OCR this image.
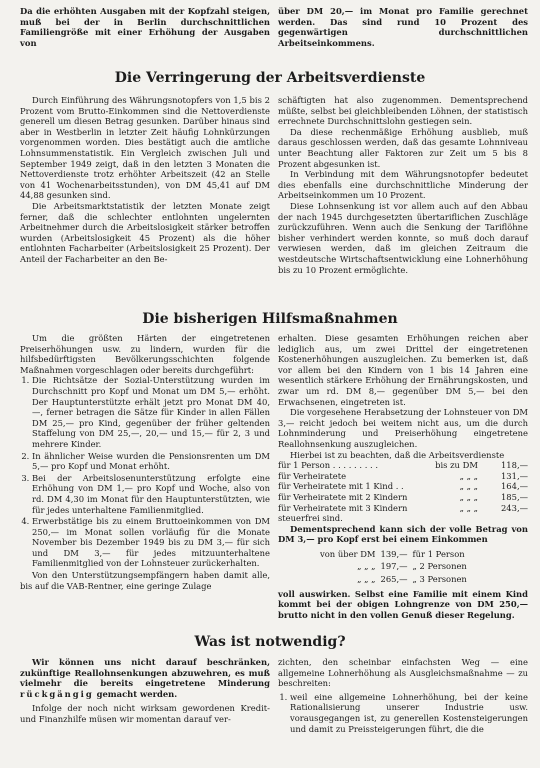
Da die erhöhten Ausgaben mit der Kopfzahl steigen, muß bei der in Berlin durchschnittlichen Familiengröße mit einer Erhöhung der Ausgaben von

über DM 20,— im Monat pro Familie gerechnet werden. Das sind rund 10 Prozent des gegenwärtigen durchschnittlichen Arbeitseinkommens.

Die Verringerung der Arbeitsverdienste

Durch Einführung des Währungsnotopfers von 1,5 bis 2 Prozent vom Brutto-Einkommen sind die Nettoverdienste generell um diesen Betrag gesunken. Darüber hinaus sind aber in Westberlin in letzter Zeit häufig Lohnkürzungen vorgenommen worden. Dies bestätigt auch die amtliche Lohnsummenstatistik. Ein Vergleich zwischen Juli und September 1949 zeigt, daß in den letzten 3 Monaten die Nettoverdienste trotz erhöhter Arbeitszeit (42 an Stelle von 41 Wochenarbeitsstunden), von DM 45,41 auf DM 44,88 gesunken sind.

Die Arbeitsmarktstatistik der letzten Monate zeigt ferner, daß die schlechter entlohnten ungelernten Arbeitnehmer durch die Arbeitslosigkeit stärker betroffen wurden (Arbeitslosigkeit 45 Prozent) als die höher entlohnten Facharbeiter (Arbeitslosigkeit 25 Prozent). Der Anteil der Facharbeiter an den Be-

schäftigten hat also zugenommen. Dementsprechend müßte, selbst bei gleichbleibenden Löhnen, der statistisch errechnete Durchschnittslohn gestiegen sein.

Da diese rechenmäßige Erhöhung ausblieb, muß daraus geschlossen werden, daß das gesamte Lohnniveau unter Beachtung aller Faktoren zur Zeit um 5 bis 8 Prozent abgesunken ist.

In Verbindung mit dem Währungsnotopfer bedeutet dies ebenfalls eine durchschnittliche Minderung der Arbeitseinkommen um 10 Prozent.

Diese Lohnsenkung ist vor allem auch auf den Abbau der nach 1945 durchgesetzten übertariflichen Zuschläge zurückzuführen. Wenn auch die Senkung der Tariflöhne bisher verhindert werden konnte, so muß doch darauf verwiesen werden, daß im gleichen Zeitraum die westdeutsche Wirtschaftsentwicklung eine Lohnerhöhung bis zu 10 Prozent ermöglichte.

Die bisherigen Hilfsmaßnahmen

Um die größten Härten der eingetretenen Preiserhöhungen usw. zu lindern, wurden für die hilfsbedürftigsten Bevölkerungsschichten folgende Maßnahmen vorgeschlagen oder bereits durchgeführt:

1. Die Richtsätze der Sozial-Unterstützung wurden im Durchschnitt pro Kopf und Monat um DM 5,— erhöht. Der Hauptunterstützte erhält jetzt pro Monat DM 40,—, ferner betragen die Sätze für Kinder in allen Fällen DM 25,— pro Kind, gegenüber der früher geltenden Staffelung von DM 25,—, 20,— und 15,— für 2, 3 und mehrere Kinder.
2. In ähnlicher Weise wurden die Pensionsrenten um DM 5,— pro Kopf und Monat erhöht.
3. Bei der Arbeitslosenunterstützung erfolgte eine Erhöhung von DM 1,— pro Kopf und Woche, also von rd. DM 4,30 im Monat für den Hauptunterstützten, wie für jedes unterhaltene Familienmitglied.
4. Erwerbstätige bis zu einem Bruttoeinkommen von DM 250,— im Monat sollen vorläufig für die Monate November bis Dezember 1949 bis zu DM 3,— für sich und DM 3,— für jedes mitzuunterhaltene Familienmitglied von der Lohnsteuer zurückerhalten.

Von den Unterstützungsempfängern haben damit alle, bis auf die VAB-Rentner, eine geringe Zulage

erhalten. Diese gesamten Erhöhungen reichen aber lediglich aus, um zwei Drittel der eingetretenen Kostenerhöhungen auszugleichen. Zu bemerken ist, daß vor allem bei den Kindern von 1 bis 14 Jahren eine wesentlich stärkere Erhöhung der Ernährungskosten, und zwar um rd. DM 8,— gegenüber DM 5,— bei den Erwachsenen, eingetreten ist.

Die vorgesehene Herabsetzung der Lohnsteuer von DM 3,— reicht jedoch bei weitem nicht aus, um die durch Lohnminderung und Preiserhöhung eingetretene Reallohnsenkung auszugleichen.

Hierbei ist zu beachten, daß die Arbeitsverdienste

für 1 Person . . . . . . . . .	bis zu DM	118,—
für Verheiratete	„ „ „	131,—
für Verheiratete mit 1 Kind . .	„ „ „	164,—
für Verheiratete mit 2 Kindern	„ „ „	185,—
für Verheiratete mit 3 Kindern	„ „ „	243,—

steuerfrei sind.

Dementsprechend kann sich der volle Betrag von DM 3,— pro Kopf erst bei einem Einkommen

von über DM	139,—	für 1 Person
„ „ „	197,—	„ 2 Personen
„ „ „	265,—	„ 3 Personen

voll auswirken. Selbst eine Familie mit einem Kind kommt bei der obigen Lohngrenze von DM 250,— brutto nicht in den vollen Genuß dieser Regelung.

Was ist notwendig?

Wir können uns nicht darauf beschränken, zukünftige Reallohnsenkungen abzuwehren, es muß vielmehr die bereits eingetretene Minderung rückgängig gemacht werden.

Infolge der noch nicht wirksam gewordenen Kredit- und Finanzhilfe müsen wir momentan darauf ver-

zichten, den scheinbar einfachsten Weg — eine allgemeine Lohnerhöhung als Ausgleichsmaßnahme — zu beschreiten:

1. weil eine allgemeine Lohnerhöhung, bei der keine Rationalisierung unserer Industrie usw. vorausgegangen ist, zu generellen Kostensteigerungen und damit zu Preissteigerungen führt, die die
